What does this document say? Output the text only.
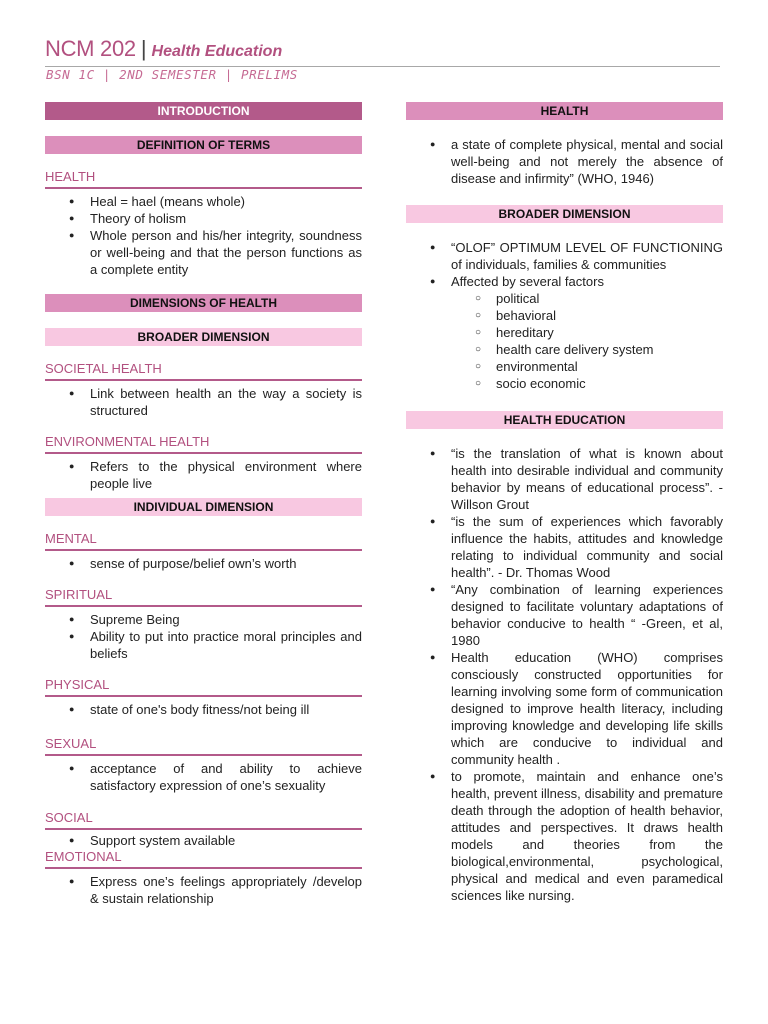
NCM 202 | Health Education
BSN 1C | 2ND SEMESTER | PRELIMS
INTRODUCTION
DEFINITION OF TERMS
HEALTH
● Heal = hael (means whole)
● Theory of holism
● Whole person and his/her integrity, soundness or well-being and that the person functions as a complete entity
DIMENSIONS OF HEALTH
BROADER DIMENSION
SOCIETAL HEALTH
● Link between health an the way a society is structured
ENVIRONMENTAL HEALTH
● Refers to the physical environment where people live
INDIVIDUAL DIMENSION
MENTAL
● sense of purpose/belief own’s worth
SPIRITUAL
● Supreme Being
● Ability to put into practice moral principles and beliefs
PHYSICAL
● state of one's body fitness/not being ill
SEXUAL
● acceptance of and ability to achieve satisfactory expression of one’s sexuality
SOCIAL
● Support system available
EMOTIONAL
● Express one’s feelings appropriately /develop & sustain relationship
HEALTH
● a state of complete physical, mental and social well-being and not merely the absence of disease and infirmity” (WHO, 1946)
BROADER DIMENSION
● “OLOF” OPTIMUM LEVEL OF FUNCTIONING of individuals, families & communities
● Affected by several factors
○ political
○ behavioral
○ hereditary
○ health care delivery system
○ environmental
○ socio economic
HEALTH EDUCATION
● “is the translation of what is known about health into desirable individual and community behavior by means of educational process”. -Willson Grout
● “is the sum of experiences which favorably influence the habits, attitudes and knowledge relating to individual community and social health”. - Dr. Thomas Wood
● “Any combination of learning experiences designed to facilitate voluntary adaptations of behavior conducive to health “ -Green, et al, 1980
● Health education (WHO) comprises consciously constructed opportunities for learning involving some form of communication designed to improve health literacy, including improving knowledge and developing life skills which are conducive to individual and community health .
● to promote, maintain and enhance one’s health, prevent illness, disability and premature death through the adoption of health behavior, attitudes and perspectives. It draws health models and theories from the biological,environmental, psychological, physical and medical and even paramedical sciences like nursing.
